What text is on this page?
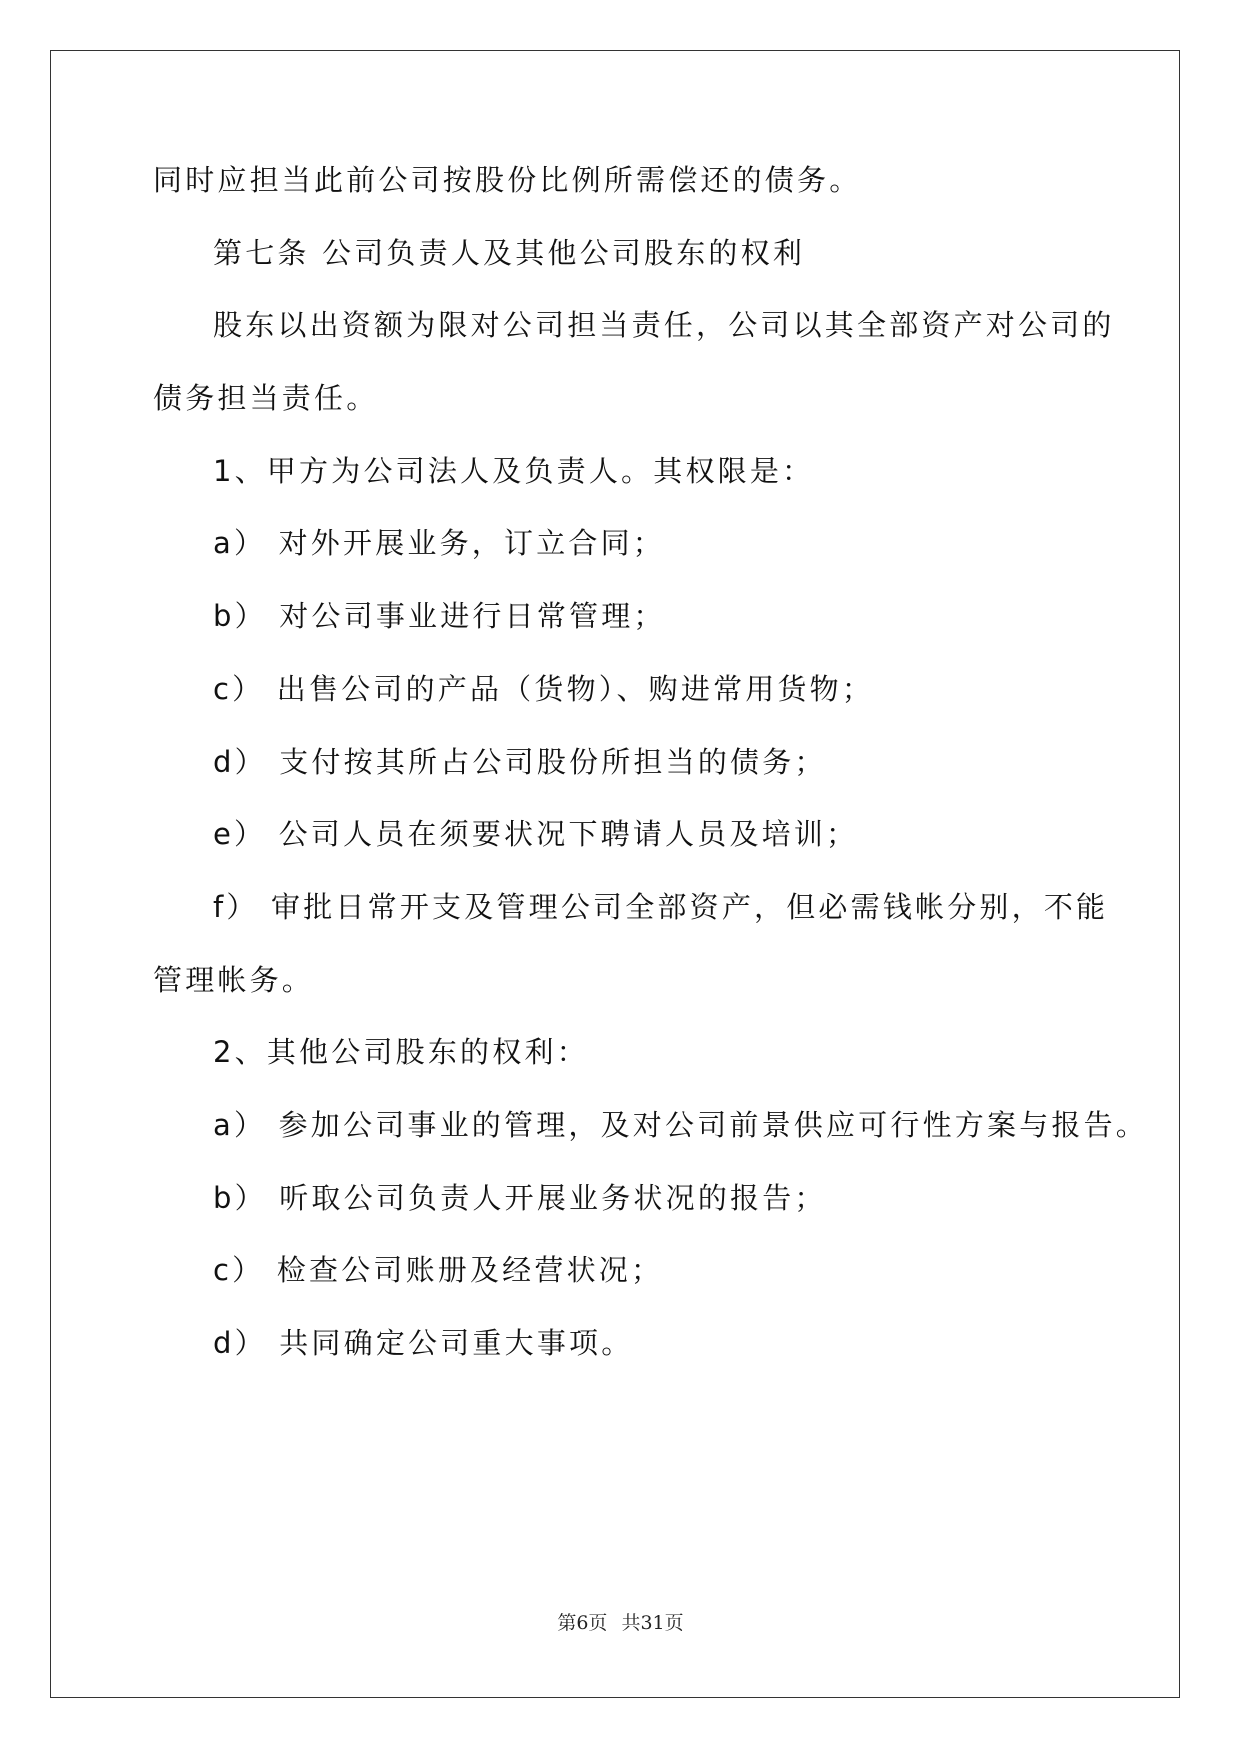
同时应担当此前公司按股份比例所需偿还的债务。
第七条 公司负责人及其他公司股东的权利
股东以出资额为限对公司担当责任，公司以其全部资产对公司的
债务担当责任。
1、甲方为公司法人及负责人。其权限是：
a） 对外开展业务，订立合同；
b） 对公司事业进行日常管理；
c） 出售公司的产品（货物）、购进常用货物；
d） 支付按其所占公司股份所担当的债务；
e） 公司人员在须要状况下聘请人员及培训；
f） 审批日常开支及管理公司全部资产，但必需钱帐分别，不能
管理帐务。
2、其他公司股东的权利：
a） 参加公司事业的管理，及对公司前景供应可行性方案与报告。
b） 听取公司负责人开展业务状况的报告；
c） 检查公司账册及经营状况；
d） 共同确定公司重大事项。
第6页 共31页
